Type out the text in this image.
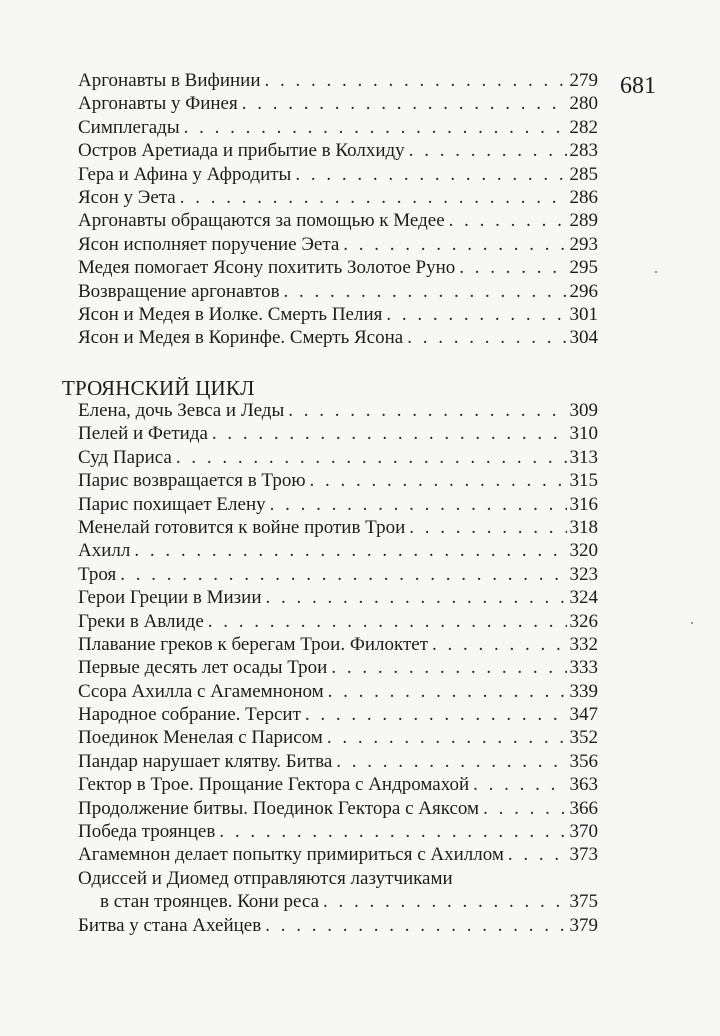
681
Аргонавты в Вифинии . . .	279
Аргонавты у Финея . . .	280
Симплегады . . .	282
Остров Аретиада и прибытие в Колхиду . . .	283
Гера и Афина у Афродиты . . .	285
Ясон у Эета . . .	286
Аргонавты обращаются за помощью к Медее . . .	289
Ясон исполняет поручение Эета . . .	293
Медея помогает Ясону похитить Золотое Руно . . .	295
Возвращение аргонавтов . . .	296
Ясон и Медея в Иолке. Смерть Пелия . . .	301
Ясон и Медея в Коринфе. Смерть Ясона . . .	304
ТРОЯНСКИЙ ЦИКЛ
Елена, дочь Зевса и Леды . . .	309
Пелей и Фетида . . .	310
Суд Париса . . .	313
Парис возвращается в Трою . . .	315
Парис похищает Елену . . .	316
Менелай готовится к войне против Трои . . .	318
Ахилл . . .	320
Троя . . .	323
Герои Греции в Мизии . . .	324
Греки в Авлиде . . .	326
Плавание греков к берегам Трои. Филоктет . . .	332
Первые десять лет осады Трои . . .	333
Ссора Ахилла с Агамемноном . . .	339
Народное собрание. Терсит . . .	347
Поединок Менелая с Парисом . . .	352
Пандар нарушает клятву. Битва . . .	356
Гектор в Трое. Прощание Гектора с Андромахой . . .	363
Продолжение битвы. Поединок Гектора с Аяксом . . .	366
Победа троянцев . . .	370
Агамемнон делает попытку примириться с Ахиллом . . .	373
Одиссей и Диомед отправляются лазутчиками
в стан троянцев. Кони реса . . .	375
Битва у стана Ахейцев . . .	379
